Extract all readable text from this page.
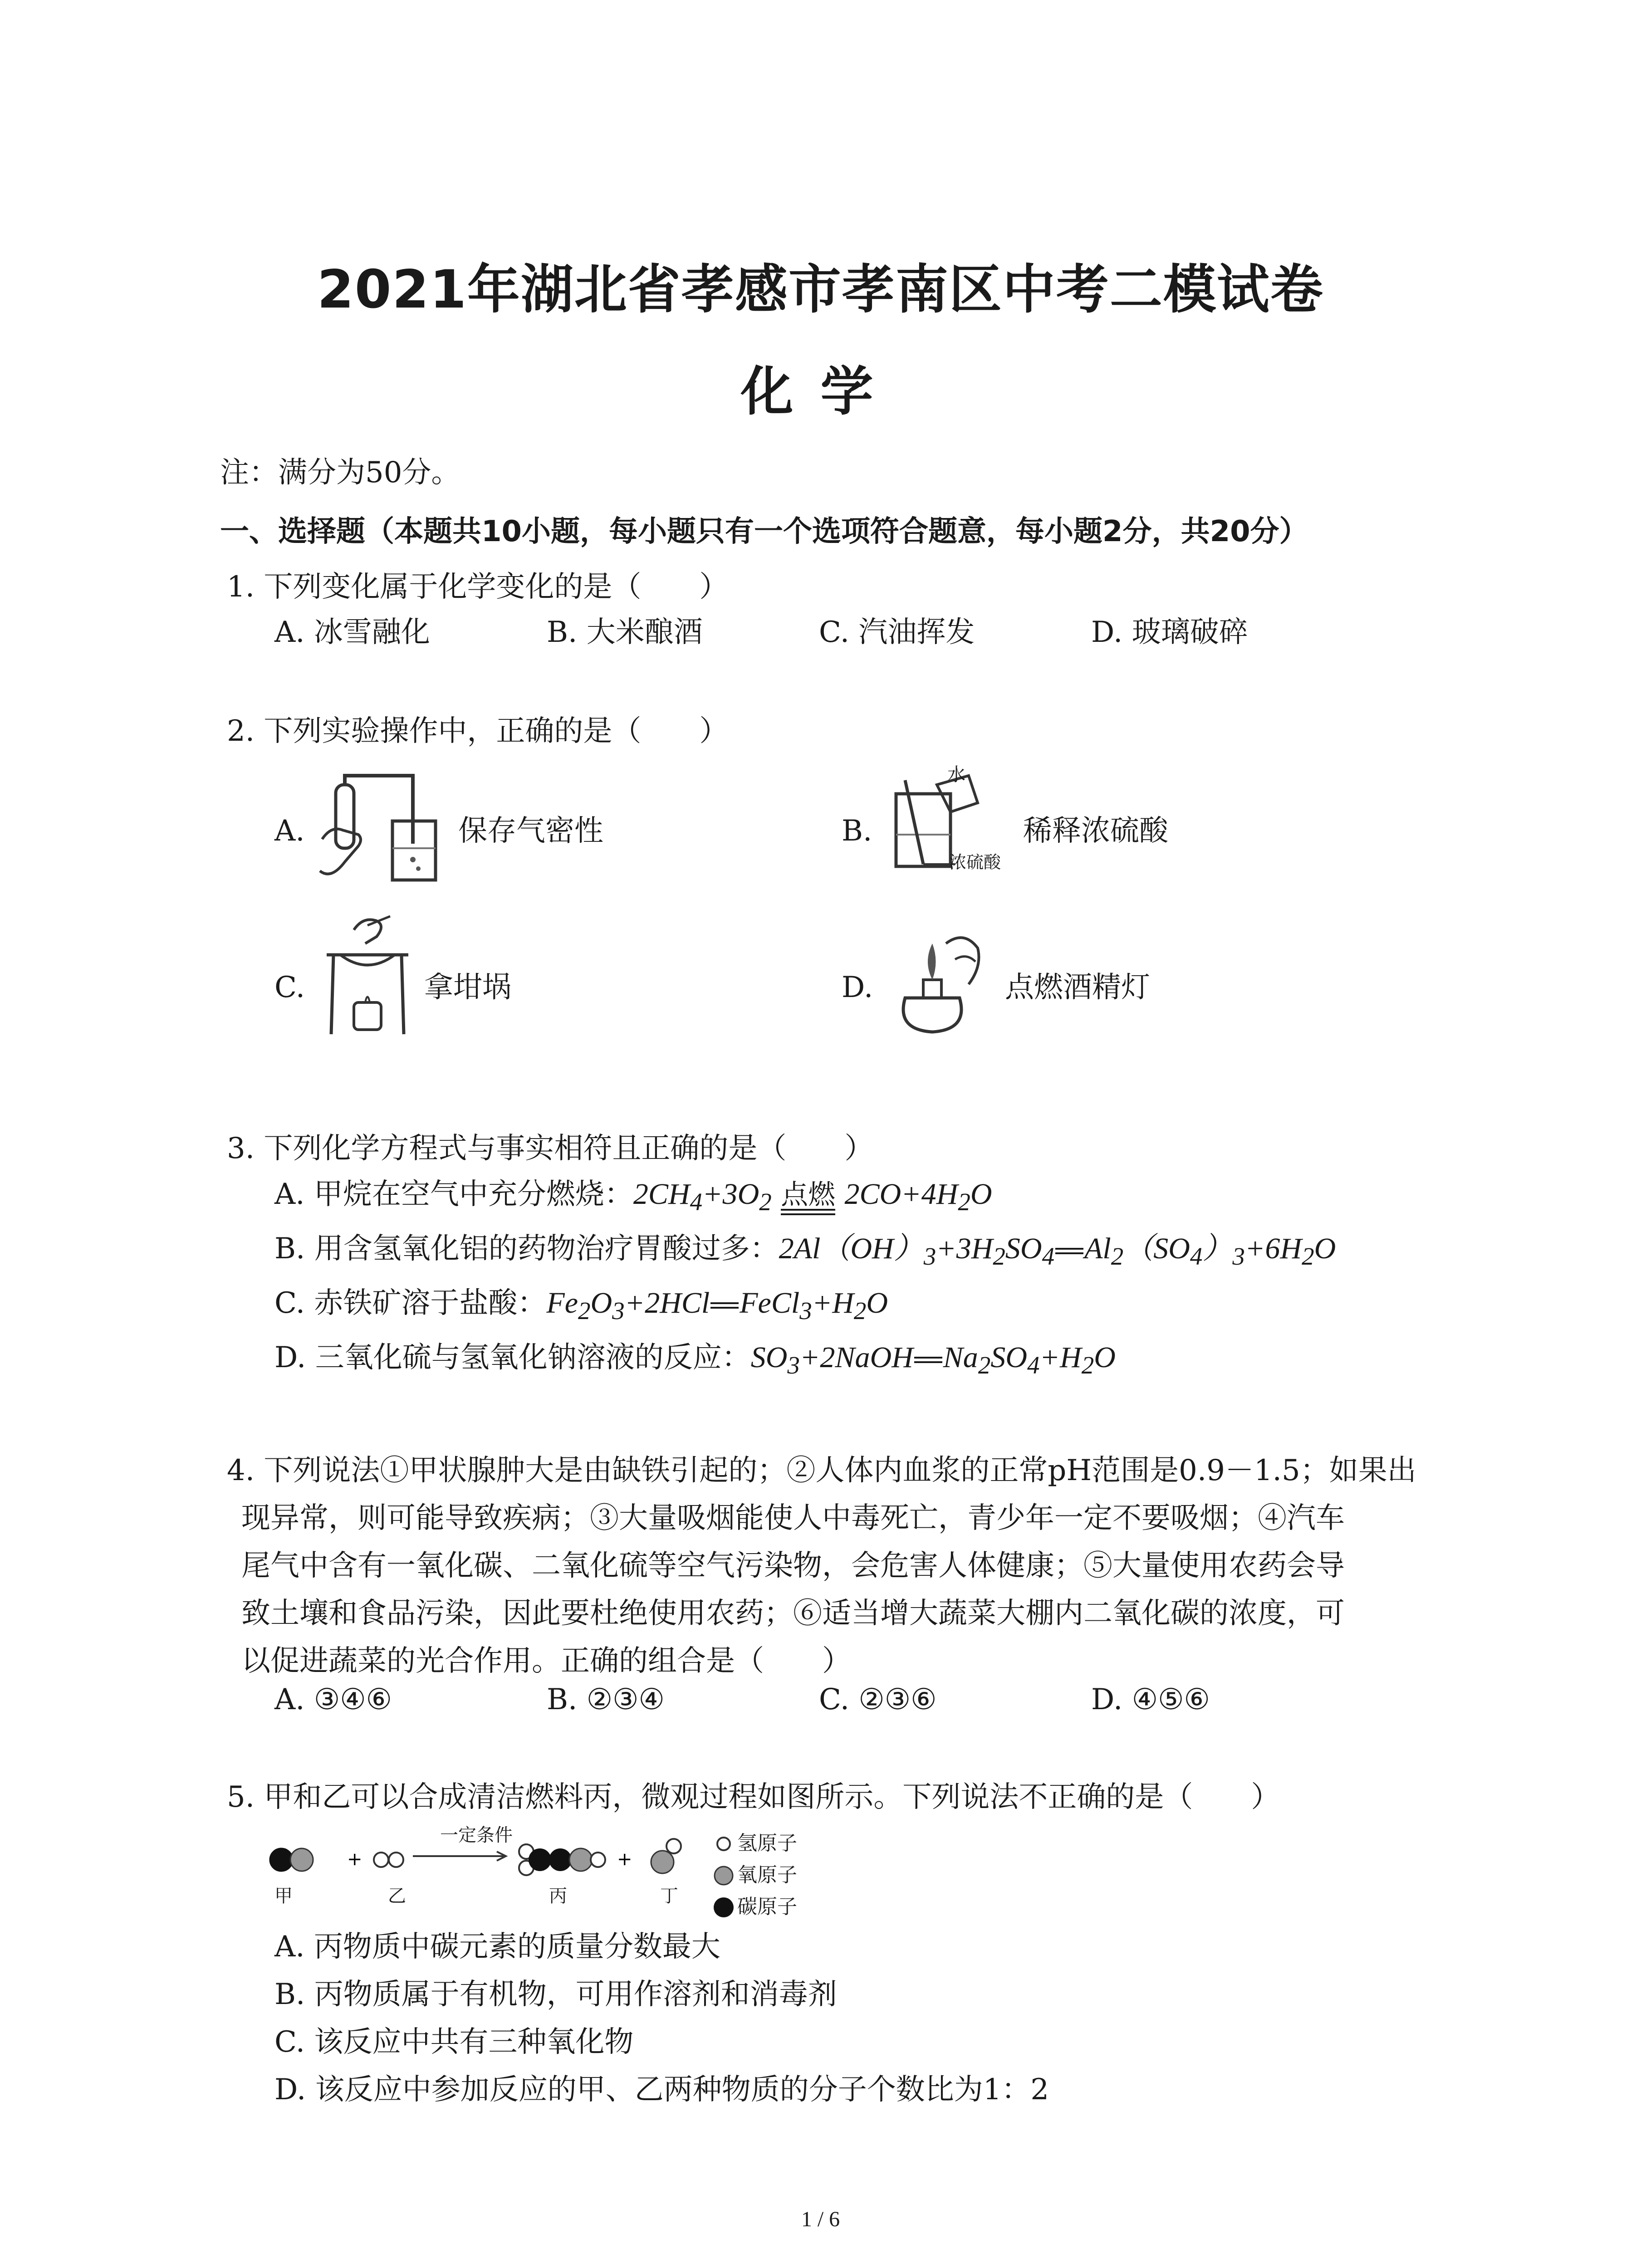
2021年湖北省孝感市孝南区中考二模试卷
化学
注：满分为50分。
一、选择题（本题共10小题，每小题只有一个选项符合题意，每小题2分，共20分）
1. 下列变化属于化学变化的是（　　）
A. 冰雪融化	B. 大米酿酒	C. 汽油挥发	D. 玻璃破碎
2. 下列实验操作中，正确的是（　　）
A.	保存气密性	B.
水
浓硫酸
稀释浓硫酸
C.	拿坩埚	D.	点燃酒精灯
3. 下列化学方程式与事实相符且正确的是（　　）
A. 甲烷在空气中充分燃烧：$2CH_4+3O_2$ 点燃
$2CO+4H_2O$
B. 用含氢氧化铝的药物治疗胃酸过多：$2Al(OH)_3+3H_2SO_4$ $Al_2(SO_4)_3+6H_2O$
C. 赤铁矿溶于盐酸：$Fe_2O_3+2HCl$ $FeCl_3+H_2O$
D. 三氧化硫与氢氧化钠溶液的反应：$SO_3+2NaOH$ $Na_2SO_4+H_2O$
4. 下列说法①甲状腺肿大是由缺铁引起的；②人体内血浆的正常pH范围是0.9－1.5；如果出
现异常，则可能导致疾病；③大量吸烟能使人中毒死亡，青少年一定不要吸烟；④汽车
尾气中含有一氧化碳、二氧化硫等空气污染物，会危害人体健康；⑤大量使用农药会导
致土壤和食品污染，因此要杜绝使用农药；⑥适当增大蔬菜大棚内二氧化碳的浓度，可
以促进蔬菜的光合作用。正确的组合是（　　）
A. ③④⑥	B. ②③④	C. ②③⑥	D. ④⑤⑥
5. 甲和乙可以合成清洁燃料丙，微观过程如图所示。下列说法不正确的是（　　）
+	+
一定条件
甲	乙	丙	丁
氢原子
氧原子
碳原子
A. 丙物质中碳元素的质量分数最大
B. 丙物质属于有机物，可用作溶剂和消毒剂
C. 该反应中共有三种氧化物
D. 该反应中参加反应的甲、乙两种物质的分子个数比为1：2
1 / 6
